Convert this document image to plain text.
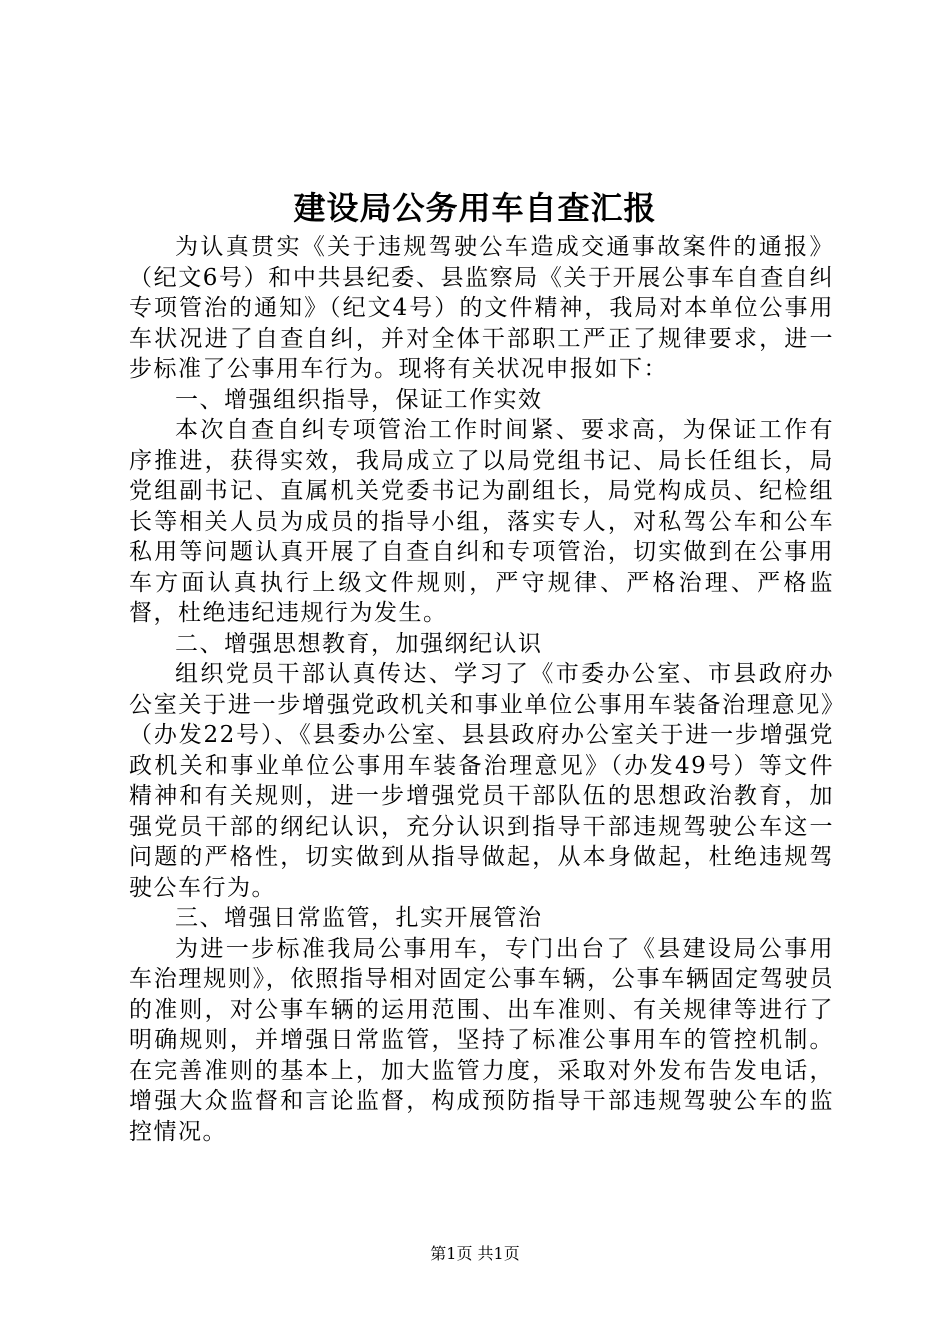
建设局公务用车自查汇报

为认真贯实《关于违规驾驶公车造成交通事故案件的通报》（纪文6号）和中共县纪委、县监察局《关于开展公事车自查自纠专项管治的通知》（纪文4号）的文件精神，我局对本单位公事用车状况进了自查自纠，并对全体干部职工严正了规律要求，进一步标准了公事用车行为。现将有关状况申报如下：

一、增强组织指导，保证工作实效

本次自查自纠专项管治工作时间紧、要求高，为保证工作有序推进，获得实效，我局成立了以局党组书记、局长任组长，局党组副书记、直属机关党委书记为副组长，局党构成员、纪检组长等相关人员为成员的指导小组，落实专人，对私驾公车和公车私用等问题认真开展了自查自纠和专项管治，切实做到在公事用车方面认真执行上级文件规则，严守规律、严格治理、严格监督，杜绝违纪违规行为发生。

二、增强思想教育，加强纲纪认识

组织党员干部认真传达、学习了《市委办公室、市县政府办公室关于进一步增强党政机关和事业单位公事用车装备治理意见》（办发22号）、《县委办公室、县县政府办公室关于进一步增强党政机关和事业单位公事用车装备治理意见》（办发49号）等文件精神和有关规则，进一步增强党员干部队伍的思想政治教育，加强党员干部的纲纪认识，充分认识到指导干部违规驾驶公车这一问题的严格性，切实做到从指导做起，从本身做起，杜绝违规驾驶公车行为。

三、增强日常监管，扎实开展管治

为进一步标准我局公事用车，专门出台了《县建设局公事用车治理规则》，依照指导相对固定公事车辆，公事车辆固定驾驶员的准则，对公事车辆的运用范围、出车准则、有关规律等进行了明确规则，并增强日常监管，坚持了标准公事用车的管控机制。在完善准则的基本上，加大监管力度，采取对外发布告发电话，增强大众监督和言论监督，构成预防指导干部违规驾驶公车的监控情况。

第1页 共1页
